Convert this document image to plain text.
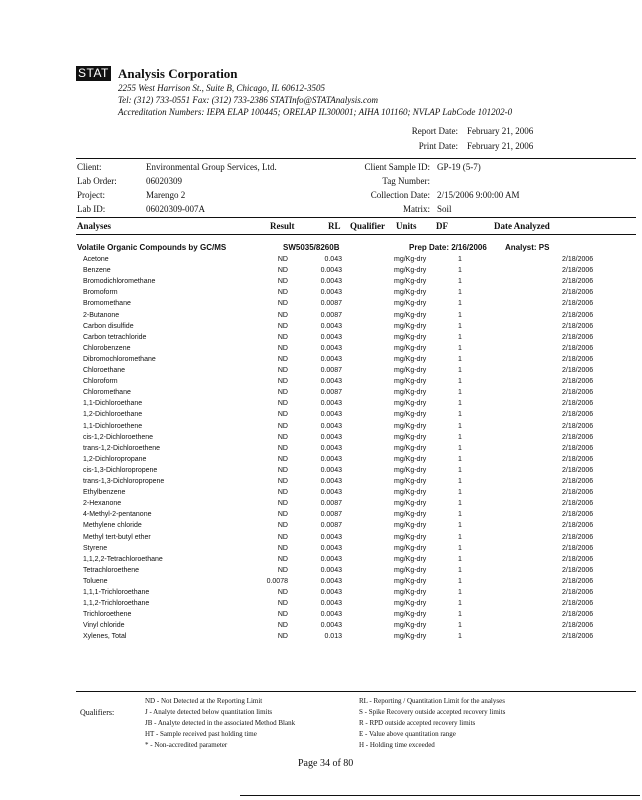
STAT Analysis Corporation
2255 West Harrison St., Suite B, Chicago, IL 60612-3505
Tel: (312) 733-0551 Fax: (312) 733-2386 STATInfo@STATAnalysis.com
Accreditation Numbers: IEPA ELAP 100445; ORELAP IL300001; AIHA 101160; NVLAP LabCode 101202-0
Report Date: February 21, 2006
Print Date: February 21, 2006
Client:	Environmental Group Services, Ltd.
Lab Order:	06020309
Project:	Marengo 2
Lab ID:	06020309-007A
Client Sample ID: GP-19 (5-7)
Tag Number:
Collection Date: 2/15/2006 9:00:00 AM
Matrix: Soil
Analyses	Result	RL Qualifier Units DF	Date Analyzed
Volatile Organic Compounds by GC/MS	SW5035/8260B	Prep Date: 2/16/2006 Analyst: PS
Acetone	ND	0.043	mg/Kg-dry	1	2/18/2006
Benzene	ND	0.0043	mg/Kg-dry	1	2/18/2006
Bromodichloromethane	ND	0.0043	mg/Kg-dry	1	2/18/2006
Bromoform	ND	0.0043	mg/Kg-dry	1	2/18/2006
Bromomethane	ND	0.0087	mg/Kg-dry	1	2/18/2006
2-Butanone	ND	0.0087	mg/Kg-dry	1	2/18/2006
Carbon disulfide	ND	0.0043	mg/Kg-dry	1	2/18/2006
Carbon tetrachloride	ND	0.0043	mg/Kg-dry	1	2/18/2006
Chlorobenzene	ND	0.0043	mg/Kg-dry	1	2/18/2006
Dibromochloromethane	ND	0.0043	mg/Kg-dry	1	2/18/2006
Chloroethane	ND	0.0087	mg/Kg-dry	1	2/18/2006
Chloroform	ND	0.0043	mg/Kg-dry	1	2/18/2006
Chloromethane	ND	0.0087	mg/Kg-dry	1	2/18/2006
1,1-Dichloroethane	ND	0.0043	mg/Kg-dry	1	2/18/2006
1,2-Dichloroethane	ND	0.0043	mg/Kg-dry	1	2/18/2006
1,1-Dichloroethene	ND	0.0043	mg/Kg-dry	1	2/18/2006
cis-1,2-Dichloroethene	ND	0.0043	mg/Kg-dry	1	2/18/2006
trans-1,2-Dichloroethene	ND	0.0043	mg/Kg-dry	1	2/18/2006
1,2-Dichloropropane	ND	0.0043	mg/Kg-dry	1	2/18/2006
cis-1,3-Dichloropropene	ND	0.0043	mg/Kg-dry	1	2/18/2006
trans-1,3-Dichloropropene	ND	0.0043	mg/Kg-dry	1	2/18/2006
Ethylbenzene	ND	0.0043	mg/Kg-dry	1	2/18/2006
2-Hexanone	ND	0.0087	mg/Kg-dry	1	2/18/2006
4-Methyl-2-pentanone	ND	0.0087	mg/Kg-dry	1	2/18/2006
Methylene chloride	ND	0.0087	mg/Kg-dry	1	2/18/2006
Methyl tert-butyl ether	ND	0.0043	mg/Kg-dry	1	2/18/2006
Styrene	ND	0.0043	mg/Kg-dry	1	2/18/2006
1,1,2,2-Tetrachloroethane	ND	0.0043	mg/Kg-dry	1	2/18/2006
Tetrachloroethene	ND	0.0043	mg/Kg-dry	1	2/18/2006
Toluene	0.0078	0.0043	mg/Kg-dry	1	2/18/2006
1,1,1-Trichloroethane	ND	0.0043	mg/Kg-dry	1	2/18/2006
1,1,2-Trichloroethane	ND	0.0043	mg/Kg-dry	1	2/18/2006
Trichloroethene	ND	0.0043	mg/Kg-dry	1	2/18/2006
Vinyl chloride	ND	0.0043	mg/Kg-dry	1	2/18/2006
Xylenes, Total	ND	0.013	mg/Kg-dry	1	2/18/2006
Qualifiers:
ND - Not Detected at the Reporting Limit
J - Analyte detected below quantitation limits
JB - Analyte detected in the associated Method Blank
HT - Sample received past holding time
* - Non-accredited parameter
RL - Reporting / Quantitation Limit for the analyses
S - Spike Recovery outside accepted recovery limits
R - RPD outside accepted recovery limits
E - Value above quantitation range
H - Holding time exceeded
Page 34 of 80
